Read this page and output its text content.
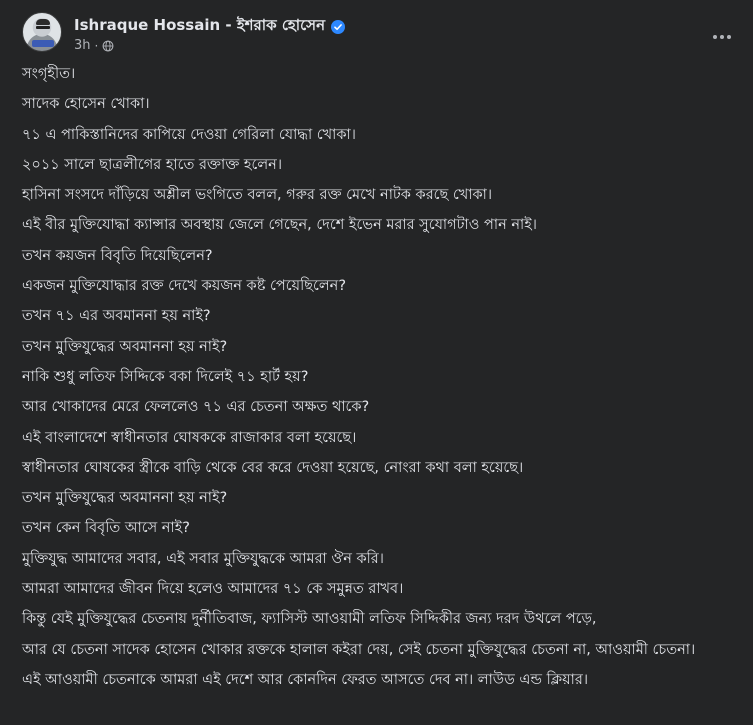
Ishraque Hossain - ইশরাক হোসেন
3h ·

সংগৃহীত।

সাদেক হোসেন খোকা।

৭১ এ পাকিস্তানিদের কাপিয়ে দেওয়া গেরিলা যোদ্ধা খোকা।

২০১১ সালে ছাত্রলীগের হাতে রক্তাক্ত হলেন।

হাসিনা সংসদে দাঁড়িয়ে অশ্লীল ভংগিতে বলল, গরুর রক্ত মেখে নাটক করছে খোকা।

এই বীর মুক্তিযোদ্ধা ক্যান্সার অবস্থায় জেলে গেছেন, দেশে ইভেন মরার সুযোগটাও পান নাই।

তখন কয়জন বিবৃতি দিয়েছিলেন?

একজন মুক্তিযোদ্ধার রক্ত দেখে কয়জন কষ্ট পেয়েছিলেন?

তখন ৭১ এর অবমাননা হয় নাই?

তখন মুক্তিযুদ্ধের অবমাননা হয় নাই?

নাকি শুধু লতিফ সিদ্দিকে বকা দিলেই ৭১ হার্ট হয়?

আর খোকাদের মেরে ফেললেও ৭১ এর চেতনা অক্ষত থাকে?

এই বাংলাদেশে স্বাধীনতার ঘোষককে রাজাকার বলা হয়েছে।

স্বাধীনতার ঘোষকের স্ত্রীকে বাড়ি থেকে বের করে দেওয়া হয়েছে, নোংরা কথা বলা হয়েছে।

তখন মুক্তিযুদ্ধের অবমাননা হয় নাই?

তখন কেন বিবৃতি আসে নাই?

মুক্তিযুদ্ধ আমাদের সবার, এই সবার মুক্তিযুদ্ধকে আমরা ঔন করি।

আমরা আমাদের জীবন দিয়ে হলেও আমাদের ৭১ কে সমুন্নত রাখব।

কিন্তু যেই মুক্তিযুদ্ধের চেতনায় দুর্নীতিবাজ, ফ্যাসিস্ট আওয়ামী লতিফ সিদ্দিকীর জন্য দরদ উথলে পড়ে,

আর যে চেতনা সাদেক হোসেন খোকার রক্তকে হালাল কইরা দেয়, সেই চেতনা মুক্তিযুদ্ধের চেতনা না, আওয়ামী চেতনা।

এই আওয়ামী চেতনাকে আমরা এই দেশে আর কোনদিন ফেরত আসতে দেব না। লাউড এন্ড ক্লিয়ার।
